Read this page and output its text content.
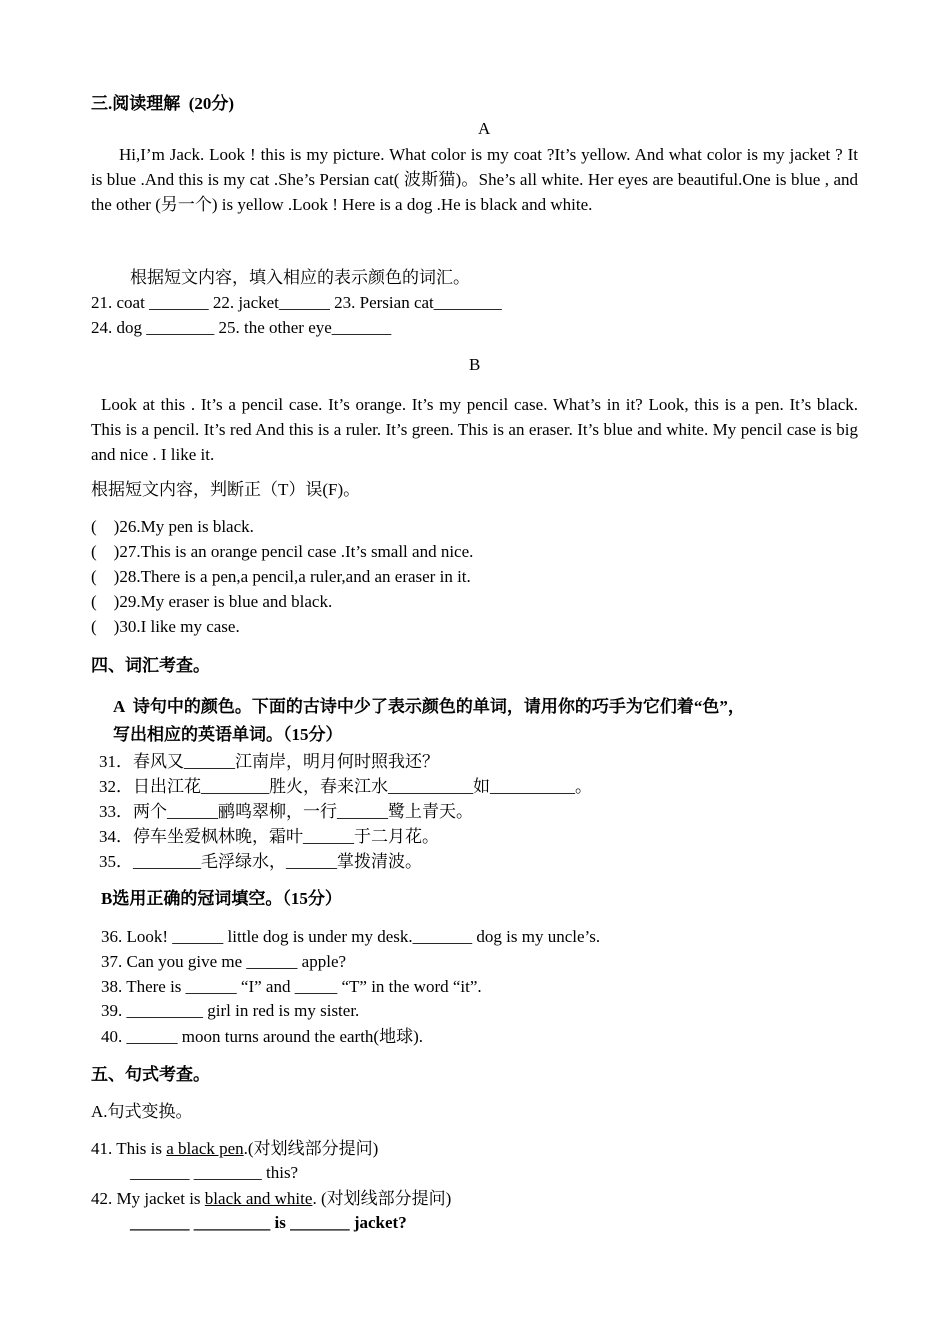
三.阅读理解  (20分)
A
Hi,I’m Jack. Look ! this is my picture. What color is my coat ?It’s yellow. And what color is my jacket ? It is blue .And this is my cat .She’s Persian cat( 波斯猫)。She’s all white. Her eyes are beautiful.One is blue , and the other (另一个) is yellow .Look ! Here is a dog .He is black and white.
根据短文内容，填入相应的表示颜色的词汇。
21. coat _______ 22. jacket______ 23. Persian cat________
24. dog ________ 25. the other eye_______
B
Look at this . It’s a pencil case. It’s orange. It’s my pencil case. What’s in it? Look, this is a pen. It’s black. This is a pencil. It’s red And this is a ruler. It’s green. This is an eraser. It’s blue and white. My pencil case is big and nice . I like it.
根据短文内容，判断正（T）误(F)。
(    )26.My pen is black.
(    )27.This is an orange pencil case .It’s small and nice.
(    )28.There is a pen,a pencil,a ruler,and an eraser in it.
(    )29.My eraser is blue and black.
(    )30.I like my case.
四、词汇考查。
A  诗句中的颜色。下面的古诗中少了表示颜色的单词，请用你的巧手为它们着“色”，
写出相应的英语单词。（15分）
31．春风又______江南岸，明月何时照我还？
32．日出江花________胜火，春来江水__________如__________。
33．两个______鹂鸣翠柳，一行______鹭上青天。
34．停车坐爱枫林晚，霜叶______于二月花。
35．________毛浮绿水，______掌拨清波。
B选用正确的冠词填空。（15分）
36. Look! ______ little dog is under my desk._______ dog is my uncle’s.
37. Can you give me ______ apple?
38. There is ______ “I” and _____ “T” in the word “it”.
39. _________ girl in red is my sister.
40. ______ moon turns around the earth(地球).
五、句式考查。
A.句式变换。
41. This is a black pen.(对划线部分提问)
_______ ________ this?
42. My jacket is black and white. (对划线部分提问)
_______ _________ is _______ jacket?
